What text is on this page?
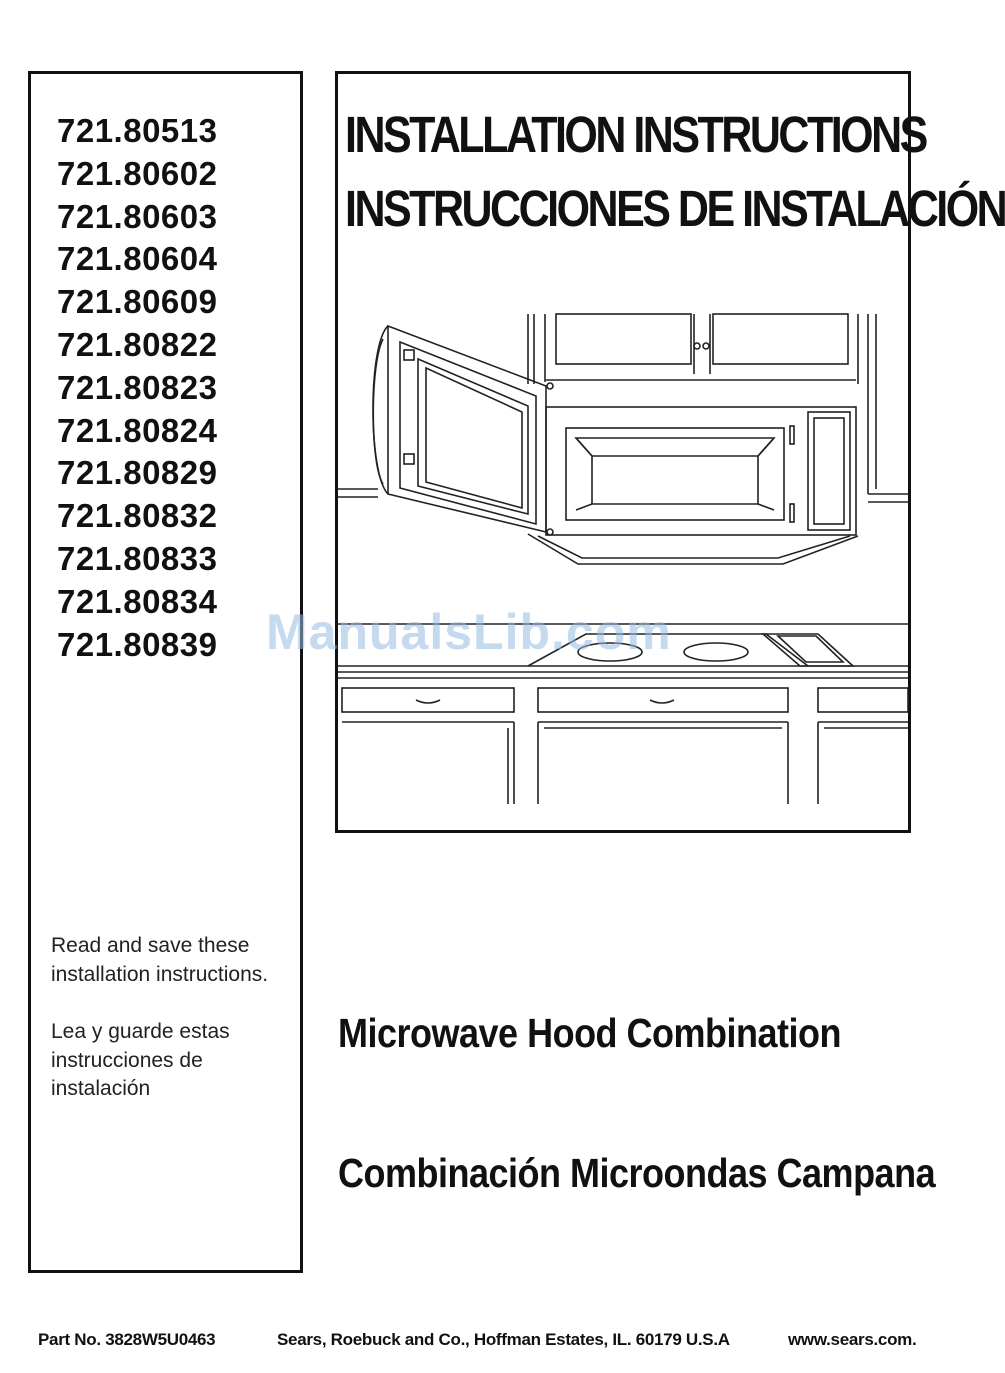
721.80513
721.80602
721.80603
721.80604
721.80609
721.80822
721.80823
721.80824
721.80829
721.80832
721.80833
721.80834
721.80839
Read and save these
installation instructions.
Lea y guarde estas
instrucciones de
instalación
INSTALLATION INSTRUCTIONS
INSTRUCCIONES DE INSTALACIÓN
ManualsLib.com
Microwave Hood Combination
Combinación Microondas Campana
Part No. 3828W5U0463	Sears, Roebuck and Co., Hoffman Estates, IL. 60179 U.S.A	www.sears.com.
